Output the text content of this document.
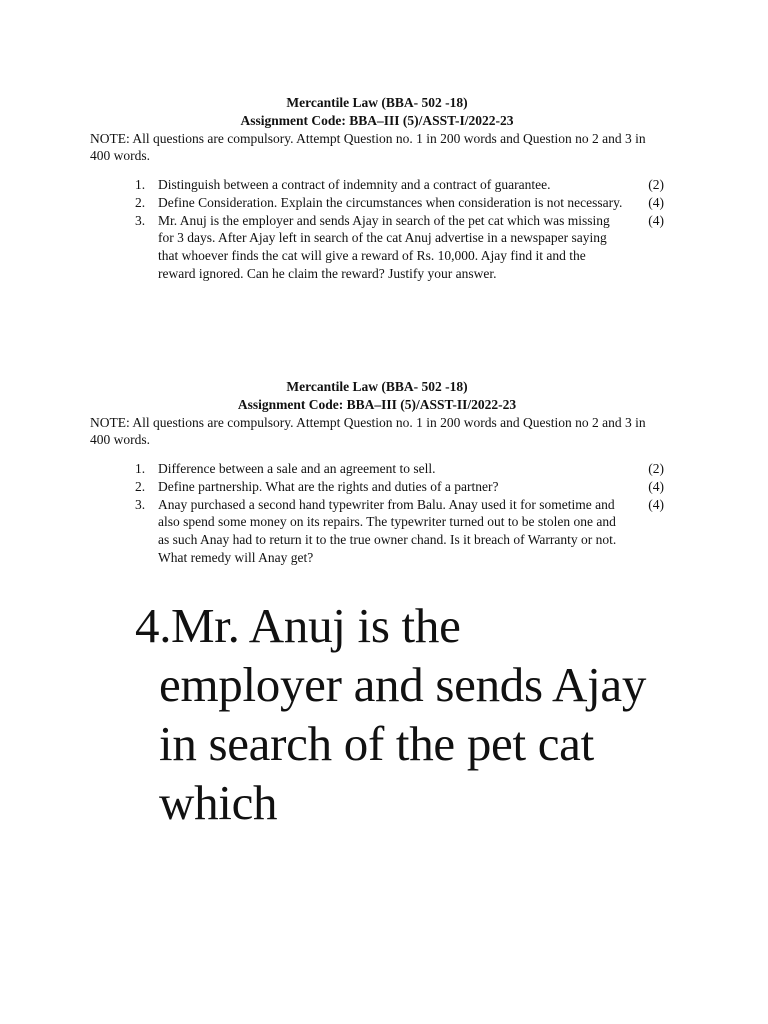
Mercantile Law (BBA- 502 -18)

Assignment Code: BBA–III (5)/ASST-I/2022-23

NOTE: All questions are compulsory. Attempt Question no. 1 in 200 words and Question no 2 and 3 in 400 words.

1. Distinguish between a contract of indemnity and a contract of guarantee.	(2)
2. Define Consideration. Explain the circumstances when consideration is not necessary.	(4)
3. Mr. Anuj is the employer and sends Ajay in search of the pet cat which was missing for 3 days. After Ajay left in search of the cat Anuj advertise in a newspaper saying that whoever finds the cat will give a reward of Rs. 10,000. Ajay find it and the reward ignored. Can he claim the reward? Justify your answer.
(4)

Mercantile Law (BBA- 502 -18)

Assignment Code: BBA–III (5)/ASST-II/2022-23

NOTE: All questions are compulsory. Attempt Question no. 1 in 200 words and Question no 2 and 3 in 400 words.

1. Difference between a sale and an agreement to sell.	(2)
2. Define partnership. What are the rights and duties of a partner?	(4)
3. Anay purchased a second hand typewriter from Balu. Anay used it for sometime and also spend some money on its repairs. The typewriter turned out to be stolen one and as such Anay had to return it to the true owner chand. Is it breach of Warranty or not. What remedy will Anay get?
(4)
4. Mr. Anuj is the employer and sends Ajay in search of the pet cat which
